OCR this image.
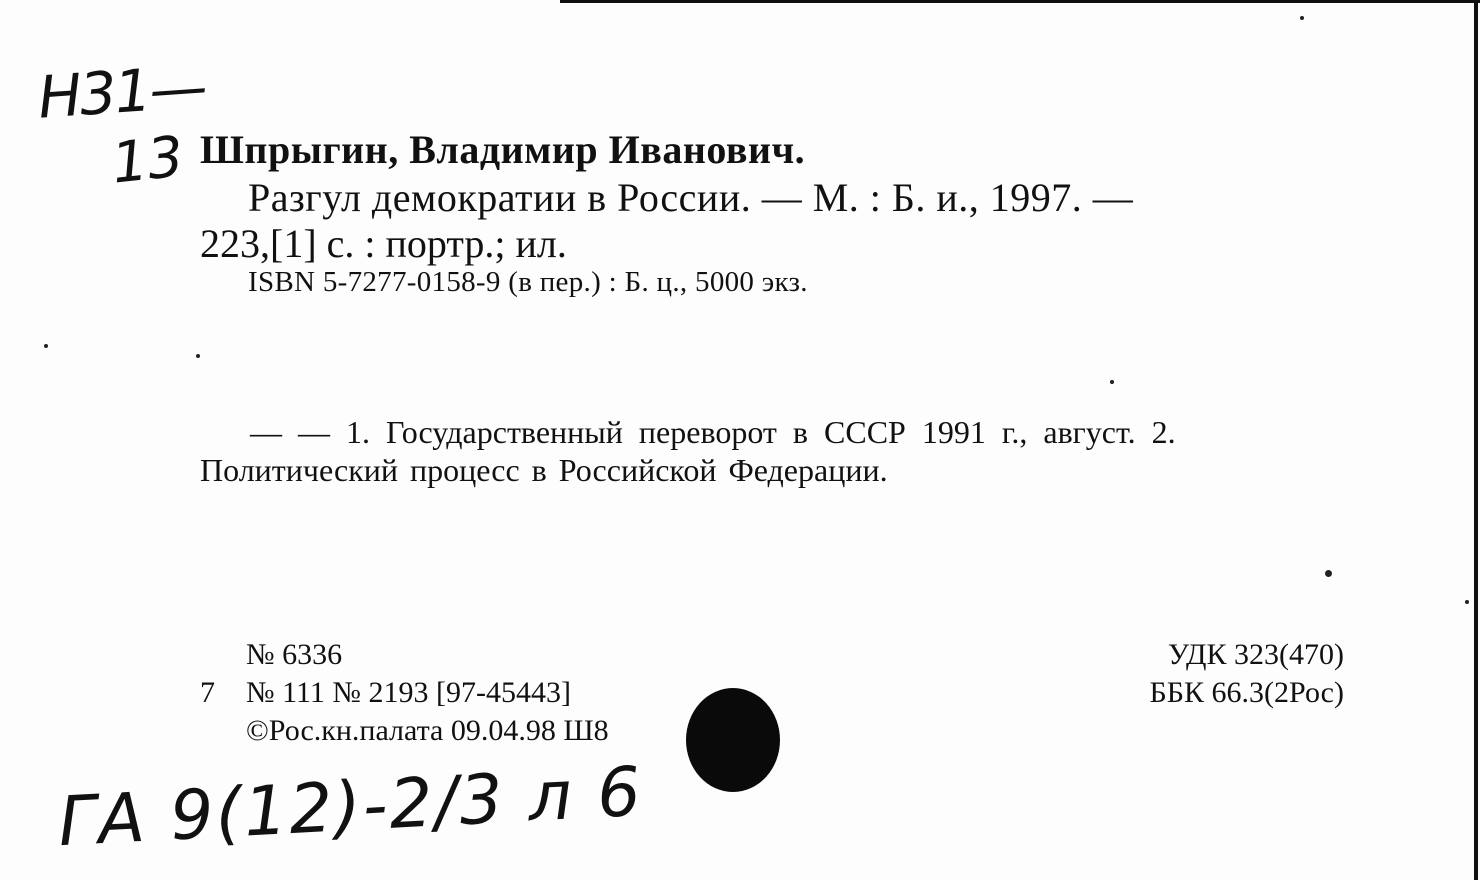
Н31—
13 Шпрыгин, Владимир Иванович.
Разгул демократии в России. — М. : Б. и., 1997. —
223,[1] с. : портр.; ил.
ISBN 5-7277-0158-9 (в пер.) : Б. ц., 5000 экз.
— — 1. Государственный переворот в СССР 1991 г., август. 2.
Политический процесс в Российской Федерации.
№ 6336
7 № 111 № 2193 [97-45443]
©Рос.кн.палата 09.04.98 Ш8
УДК 323(470)
ББК 66.3(2Рос)
ГА 9(12)-2/3 л 6
